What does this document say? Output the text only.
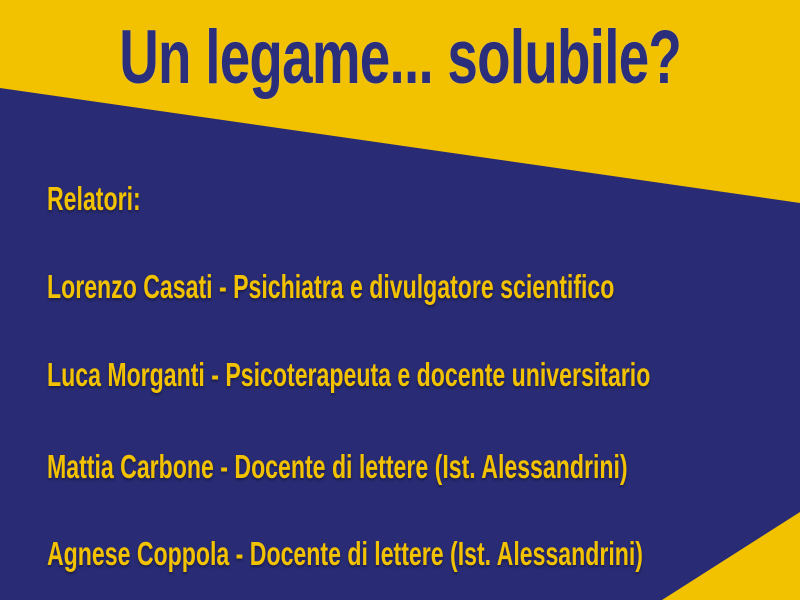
Un legame... solubile?
Relatori:
Lorenzo Casati - Psichiatra e divulgatore scientifico
Luca Morganti - Psicoterapeuta e docente universitario
Mattia Carbone - Docente di lettere (Ist. Alessandrini)
Agnese Coppola - Docente di lettere (Ist. Alessandrini)
